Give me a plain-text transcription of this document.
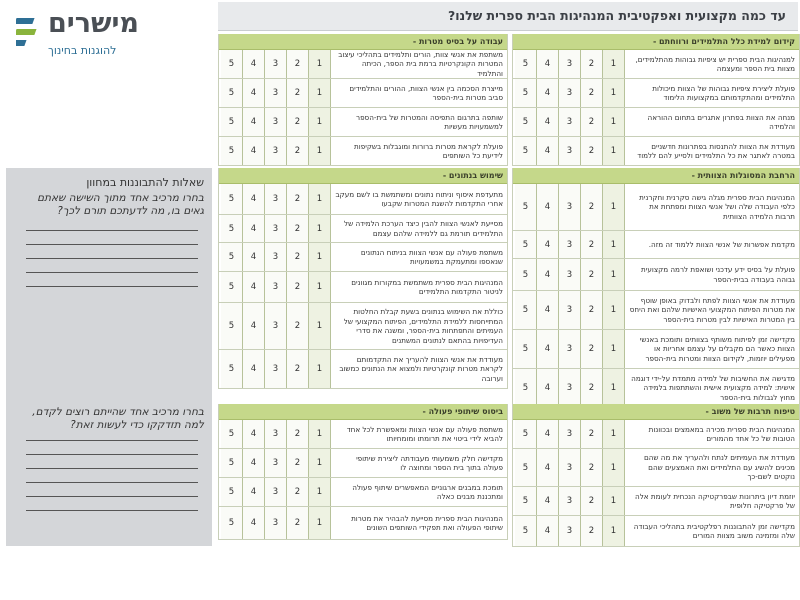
מישרים
להוגנות בחינוך
עד כמה מקצועית ואפקטיבית המנהיגות הבית ספרית שלנו?
שאלות להתבוננות במחוון
בחרו מרכיב אחד מתוך השישה שאתם גאים בו, מה לדעתכם תורם לכך?
בחרו מרכיב אחד שהייתם רוצים לקדם, למה תזדקקו כדי לעשות זאת?
קידום למידת כלל התלמידים ורווחתם -
למנהיגות הבית ספרית יש ציפיות גבוהות מהתלמידים, מצוות בית הספר ומעצמה
1
2
3
4
5
פועלת ליצירת ציפיות גבוהות של הצוות מיכולות התלמידים ומהתקדמותם במקצועות הלימוד
1
2
3
4
5
מנחה את הצוות בפתרון אתגרים בתחום ההוראה והלמידה
1
2
3
4
5
מעודדת את הצוות להתנסות בפתרונות חדשניים במטרה לאתגר את כל התלמידים ולסייע להם ללמוד
1
2
3
4
5
עבודה על בסיס מטרות -
משתפת את אנשי צוות, הורים ותלמידים בתהליכי עיצוב המטרות הקונקרטיות ברמת בית הספר, הכיתה והתלמיד
1
2
3
4
5
מייצרת הסכמה בין אנשי הצוות, ההורים והתלמידים סביב מטרות בית-הספר
1
2
3
4
5
שותפה בתרגום התפיסה והמטרות של בית-הספר למשמעויות מעשיות
1
2
3
4
5
פועלת לקראת מטרות ברורות ומוגבלות בשקיפות לידיעת כל השותפים
1
2
3
4
5
הרחבת המסוגלות הצוותית -
המנהיגות הבית ספרית מגלה גישה סקרנית וחקרנית כלפי העבודה שלה ושל אנשי הצוות ומפתחת את תרבות הלמידה הצוותית
1
2
3
4
5
מקדמת אפשרות של אנשי הצוות ללמוד זה מזה.
1
2
3
4
5
פועלת על בסיס ידע עדכני ושואפת לרמה מקצועית גבוהה בעבודה בבית-הספר
1
2
3
4
5
מעודדת את אנשי הצוות לפתח ולבדוק באופן שוטף את מטרות הפיתוח המקצועי האישיות שלהם ואת היחס בין המטרות האישיות לבין מטרות בית-הספר
1
2
3
4
5
מקדישה זמן לפיתוח משותף בצוותים ותומכת באנשי הצוות כאשר הם מקבלים על עצמם אחריות או מפעילים יוזמות, לקידום הצוות ומטרות בית-הספר
1
2
3
4
5
מדגישה את החשיבות של למידה מתמדת על-ידי דוגמה אישית: למידה מקצועית אישית והשתתפות בלמידה מחוץ לגבולות בית-הספר
1
2
3
4
5
שימוש בנתונים -
מתעדפת איסוף וניתוח נתונים ומשתמשת בו לשם מעקב אחרי התקדמות להשגת המטרות שקבעו
1
2
3
4
5
מסייעת לאנשי הצוות להבין כיצד הערכת הלמידה של התלמידים תורמת גם ללמידה שלהם עצמם
1
2
3
4
5
משתפת פעולה עם אנשי הצוות בניתוח הנתונים שנאספו ומתעמקת במשמעויות
1
2
3
4
5
המנהיגות הבית ספרית משתמשת במקורות מגוונים לניטור התקדמות התלמידים
1
2
3
4
5
כוללת את השימוש בנתונים בשעת קבלת החלטות המתייחסות ללמידת התלמידים, הפיתוח המקצועי של העמיתים והתפתחות בית-הספר, ומשנה את סדרי העדיפויות בהתאם לנתונים המשתנים
1
2
3
4
5
מעודדת את אנשי הצוות להעריך את התקדמותם לקראת מטרות קונקרטיות ולמצוא את הנתונים כמשוב וערובה
1
2
3
4
5
טיפוח תרבות של משוב -
המנהיגות הבית ספרית מכירה במאמצים ובכוונות הטובות של כל אחד מהמורים
1
2
3
4
5
מעודדת את העמיתים לנתח ולהעריך את מה שהם מכינים להשיג עם התלמידים ואת האמצעים שהם נוקטים לשם-כך
1
2
3
4
5
יוזמת דיון ביתרונות שבפרקטיקה הנכחית לעומת אלה של פרקטיקה חלופית
1
2
3
4
5
מקדישה זמן להתבוננות רפלקטיבית בתהליכי העבודה שלה ומזמינה משוב מצוות המורים
1
2
3
4
5
ביסוס שיתופי פעולה -
משתפת פעולה עם אנשי הצוות ומאפשרת לכל אחד להביא לידי ביטוי את תרומתו ומומחיותו
1
2
3
4
5
מקדישה חלק משמעותי מעבודתה ליצירת שיתופי פעולה בתוך בית הספר ומחוצה לו
1
2
3
4
5
תומכת במבנים ארגוניים המאפשרים שיתוף פעולה ומתכננת מבנים כאלה
1
2
3
4
5
המנהיגות הבית ספרית מסייעת להבהיר את מטרות שיתופי הפעולה ואת תפקידי השותפים השונים
1
2
3
4
5
